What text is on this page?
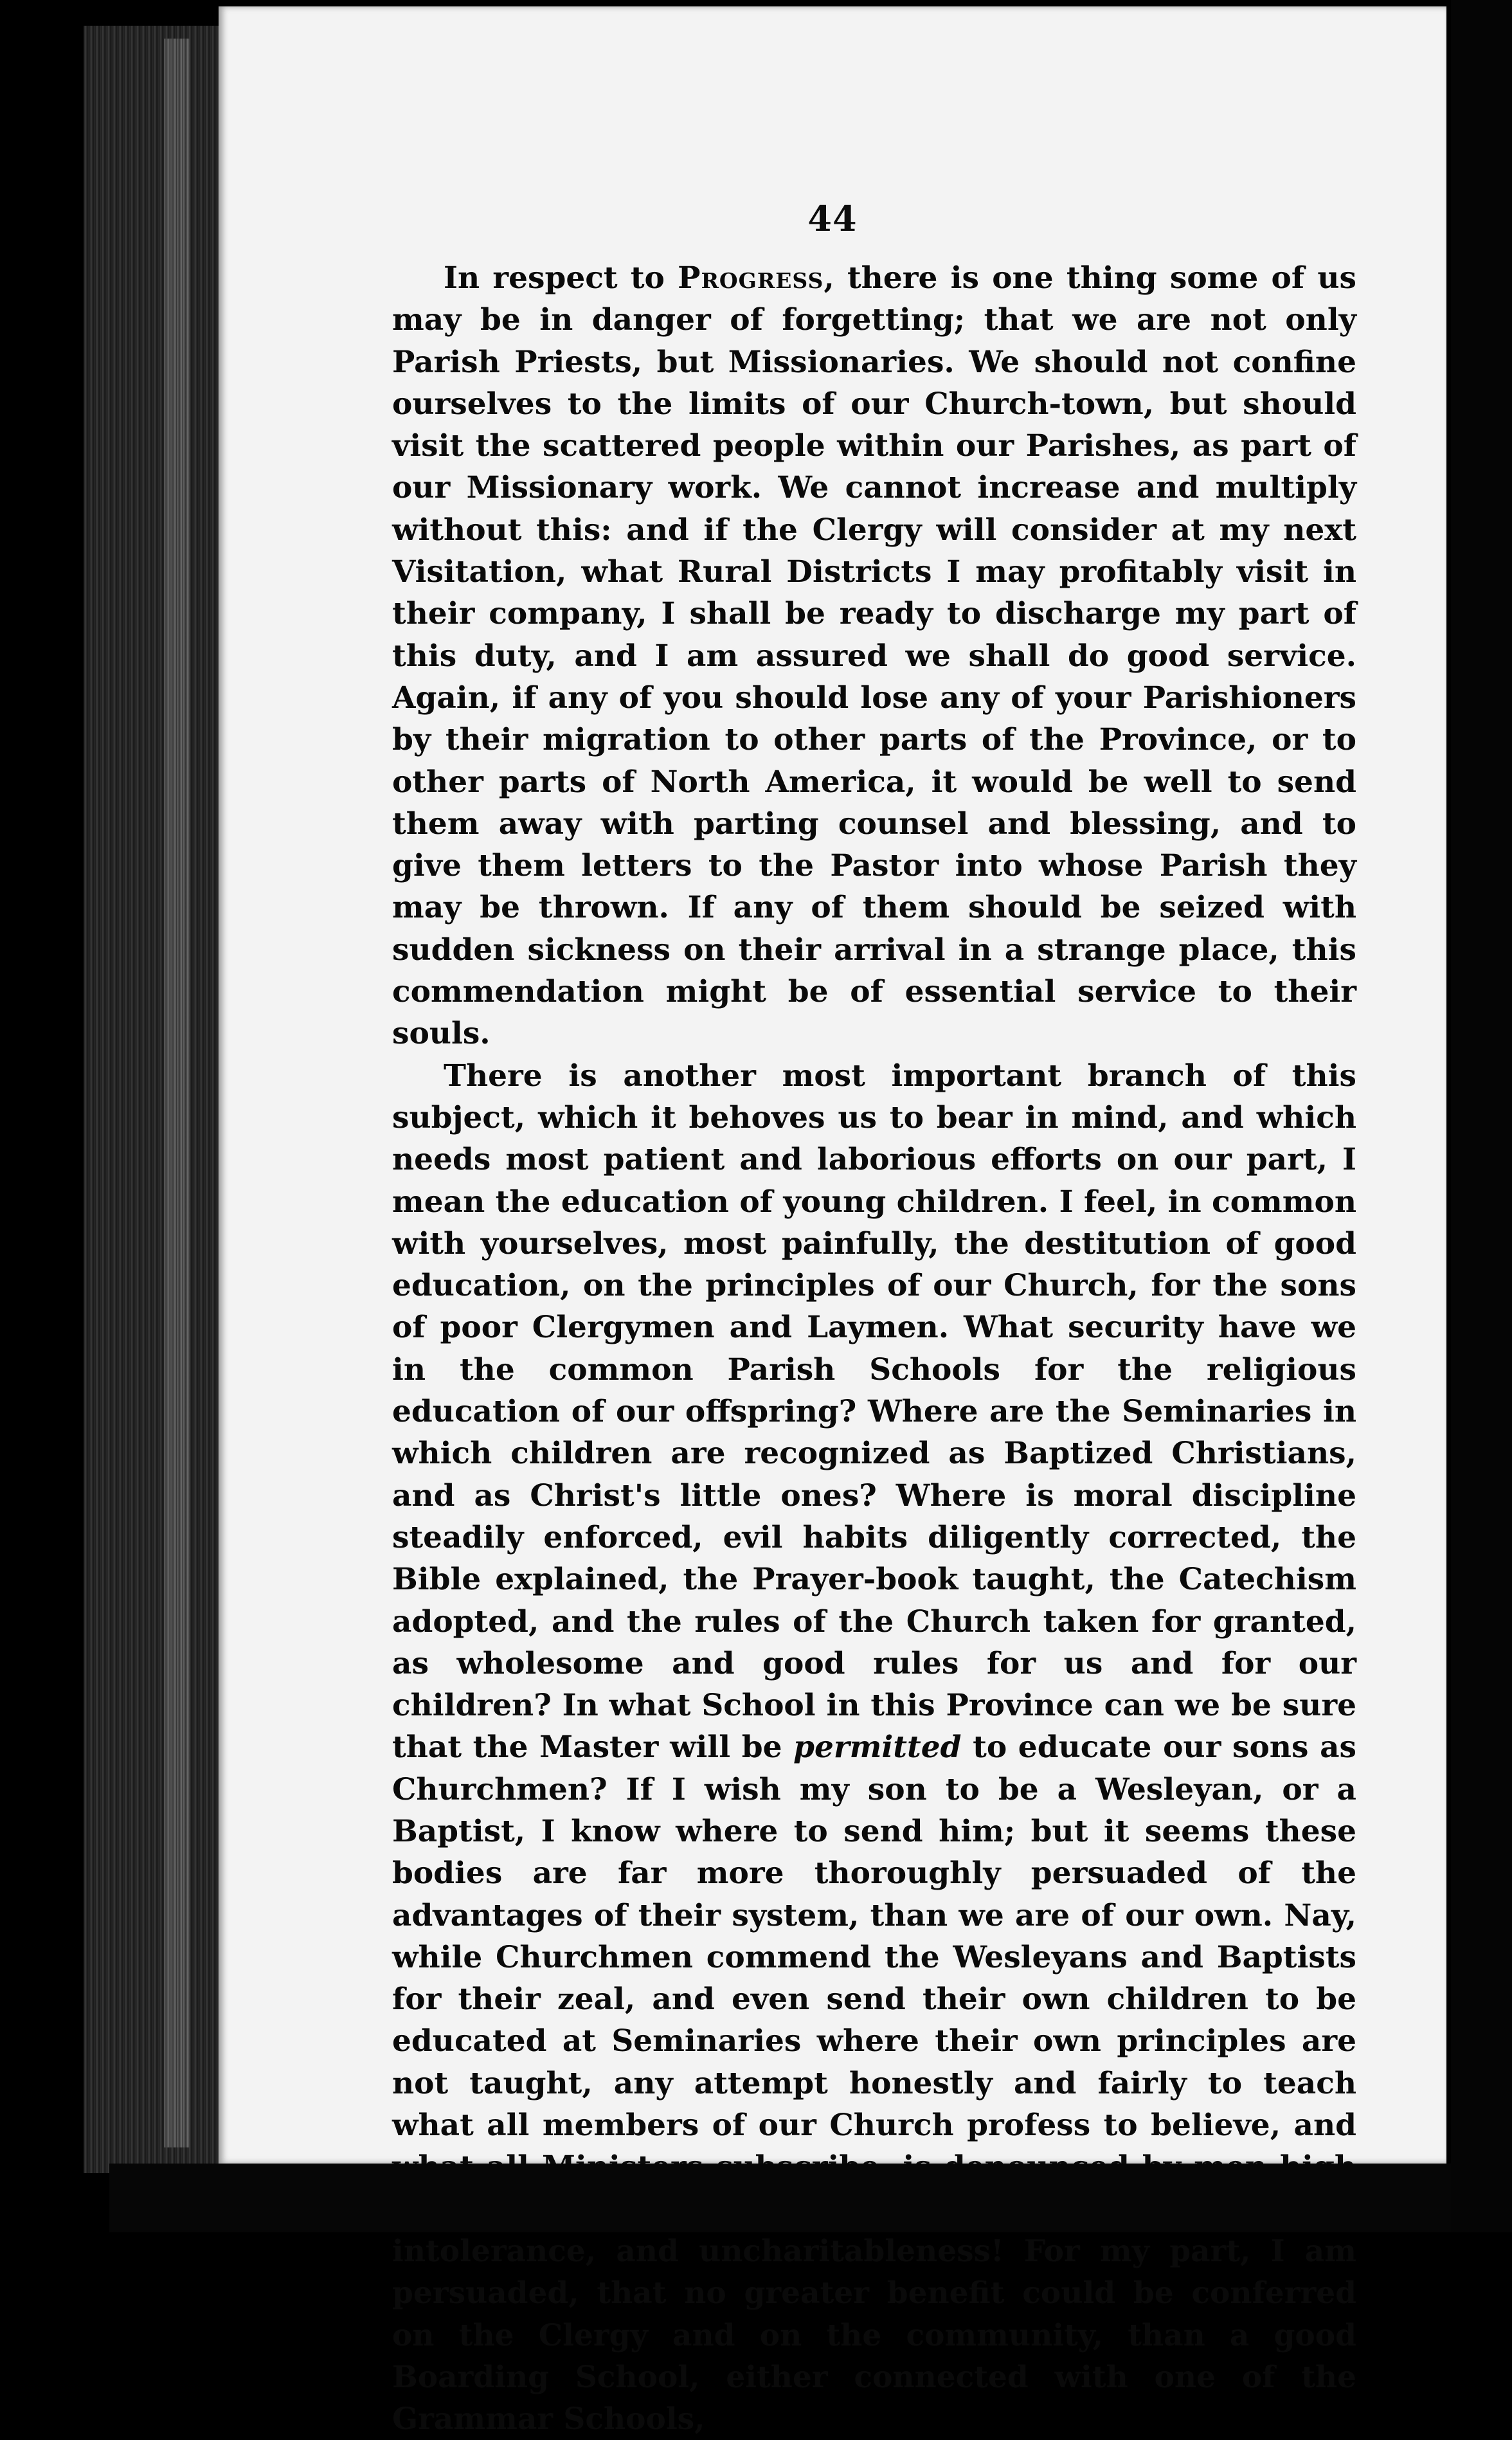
44

In respect to Progress, there is one thing some of us may be in danger of forgetting; that we are not only Parish Priests, but Missionaries. We should not confine ourselves to the limits of our Church-town, but should visit the scattered people within our Parishes, as part of our Missionary work. We cannot increase and multiply without this: and if the Clergy will consider at my next Visitation, what Rural Districts I may profitably visit in their company, I shall be ready to discharge my part of this duty, and I am assured we shall do good service. Again, if any of you should lose any of your Parishioners by their migration to other parts of the Province, or to other parts of North America, it would be well to send them away with parting counsel and blessing, and to give them letters to the Pastor into whose Parish they may be thrown. If any of them should be seized with sudden sickness on their arrival in a strange place, this commendation might be of essential service to their souls.

There is another most important branch of this subject, which it behoves us to bear in mind, and which needs most patient and laborious efforts on our part, I mean the education of young children. I feel, in common with yourselves, most painfully, the destitution of good education, on the principles of our Church, for the sons of poor Clergymen and Laymen. What security have we in the common Parish Schools for the religious education of our offspring? Where are the Seminaries in which children are recognized as Baptized Christians, and as Christ's little ones? Where is moral discipline steadily enforced, evil habits diligently corrected, the Bible explained, the Prayer-book taught, the Catechism adopted, and the rules of the Church taken for granted, as wholesome and good rules for us and for our children? In what School in this Province can we be sure that the Master will be permitted to educate our sons as Churchmen? If I wish my son to be a Wesleyan, or a Baptist, I know where to send him; but it seems these bodies are far more thoroughly persuaded of the advantages of their system, than we are of our own. Nay, while Churchmen commend the Wesleyans and Baptists for their zeal, and even send their own children to be educated at Seminaries where their own principles are not taught, any attempt honestly and fairly to teach what all members of our Church profess to believe, and intolerance, and uncharitableness! For my part, I am persuaded, that no greater benefit could be conferred on the Clergy and on the community, than a good Boarding School, either connected with one of the Grammar Schools,
